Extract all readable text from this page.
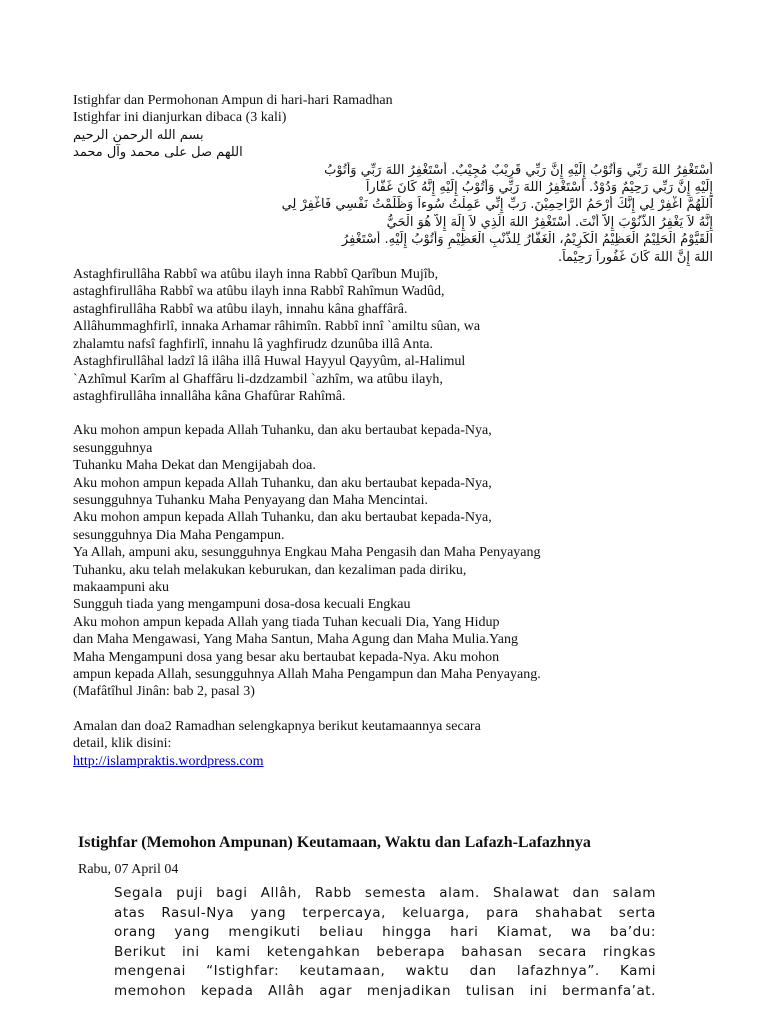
Istighfar dan Permohonan Ampun di hari-hari Ramadhan
Istighfar ini dianjurkan dibaca (3 kali)
بسم الله الرحمن الرحيم
اللهم صل على محمد وآل محمد
أَسْتَغْفِرُ اللهَ رَبِّي وَأَتُوْبُ إِلَيْهِ إِنَّ رَبِّي قَرِيْبٌ مُجِيْبٌ. أَسْتَغْفِرُ اللهَ رَبِّي وَأَتُوْبُ
إِلَيْهِ إِنَّ رَبِّي رَحِيْمٌ وَدُوْدٌ. أَسْتَغْفِرُ اللهَ رَبِّي وَأَتُوْبُ إِلَيْهِ إِنَّهُ كَانَ غَفَّاراً
اَللَّهُمَّ اغْفِرْ لِي إِنَّكَ أَرْحَمُ الرَّاحِمِيْنَ. رَبِّ إِنِّي عَمِلْتُ سُوءاً وَظَلَمْتُ نَفْسِي فَاغْفِرْ لِي
إِنَّهُ لاَ يَغْفِرُ الذُّنُوْبَ إِلاَّ أَنْتَ. أَسْتَغْفِرُ اللهَ الَّذِي لاَ إِلَهَ إِلاَّ هُوَ الْحَيُّ
الْقَيُّوْمُ الْحَلِيْمُ الْعَظِيْمُ الْكَرِيْمُ، الْغَفَّارُ لِلذَّنْبِ الْعَظِيْمِ وَأَتُوْبُ إِلَيْهِ. أَسْتَغْفِرُ
اللهَ إِنَّ اللهَ كَانَ غَفُوراً رَحِيْماً.
Astaghfirullâha Rabbî wa atûbu ilayh inna Rabbî Qarîbun Mujîb,
astaghfirullâha Rabbî wa atûbu ilayh inna Rabbî Rahîmun Wadûd,
astaghfirullâha Rabbî wa atûbu ilayh, innahu kâna ghaffârâ.
Allâhummaghfirlî, innaka Arhamar râhimîn. Rabbî innî `amiltu sûan, wa
zhalamtu nafsî faghfirlî, innahu lâ yaghfirudz dzunûba illâ Anta.
Astaghfirullâhal ladzî lâ ilâha illâ Huwal Hayyul Qayyûm, al-Halimul
`Azhîmul Karîm al Ghaffâru li-dzdzambil `azhîm, wa atûbu ilayh,
astaghfirullâha innallâha kâna Ghafûrar Rahîmâ.
Aku mohon ampun kepada Allah Tuhanku, dan aku bertaubat kepada-Nya,
sesungguhnya
Tuhanku Maha Dekat dan Mengijabah doa.
Aku mohon ampun kepada Allah Tuhanku, dan aku bertaubat kepada-Nya,
sesungguhnya Tuhanku Maha Penyayang dan Maha Mencintai.
Aku mohon ampun kepada Allah Tuhanku, dan aku bertaubat kepada-Nya,
sesungguhnya Dia Maha Pengampun.
Ya Allah, ampuni aku, sesungguhnya Engkau Maha Pengasih dan Maha Penyayang
Tuhanku, aku telah melakukan keburukan, dan kezaliman pada diriku,
makaampuni aku
Sungguh tiada yang mengampuni dosa-dosa kecuali Engkau
Aku mohon ampun kepada Allah yang tiada Tuhan kecuali Dia, Yang Hidup
dan Maha Mengawasi, Yang Maha Santun, Maha Agung dan Maha Mulia.Yang
Maha Mengampuni dosa yang besar aku bertaubat kepada-Nya. Aku mohon
ampun kepada Allah, sesungguhnya Allah Maha Pengampun dan Maha Penyayang.
(Mafâtîhul Jinân: bab 2, pasal 3)
Amalan dan doa2 Ramadhan selengkapnya berikut keutamaannya secara
detail, klik disini:
http://islampraktis.wordpress.com
Istighfar (Memohon Ampunan) Keutamaan, Waktu dan Lafazh-Lafazhnya
Rabu, 07 April 04
Segala puji bagi Allâh, Rabb semesta alam. Shalawat dan salam
atas Rasul-Nya yang terpercaya, keluarga, para shahabat serta
orang yang mengikuti beliau hingga hari Kiamat, wa ba’du:
Berikut ini kami ketengahkan beberapa bahasan secara ringkas
mengenai “Istighfar: keutamaan, waktu dan lafazhnya”. Kami
memohon kepada Allâh agar menjadikan tulisan ini bermanfa’at.
